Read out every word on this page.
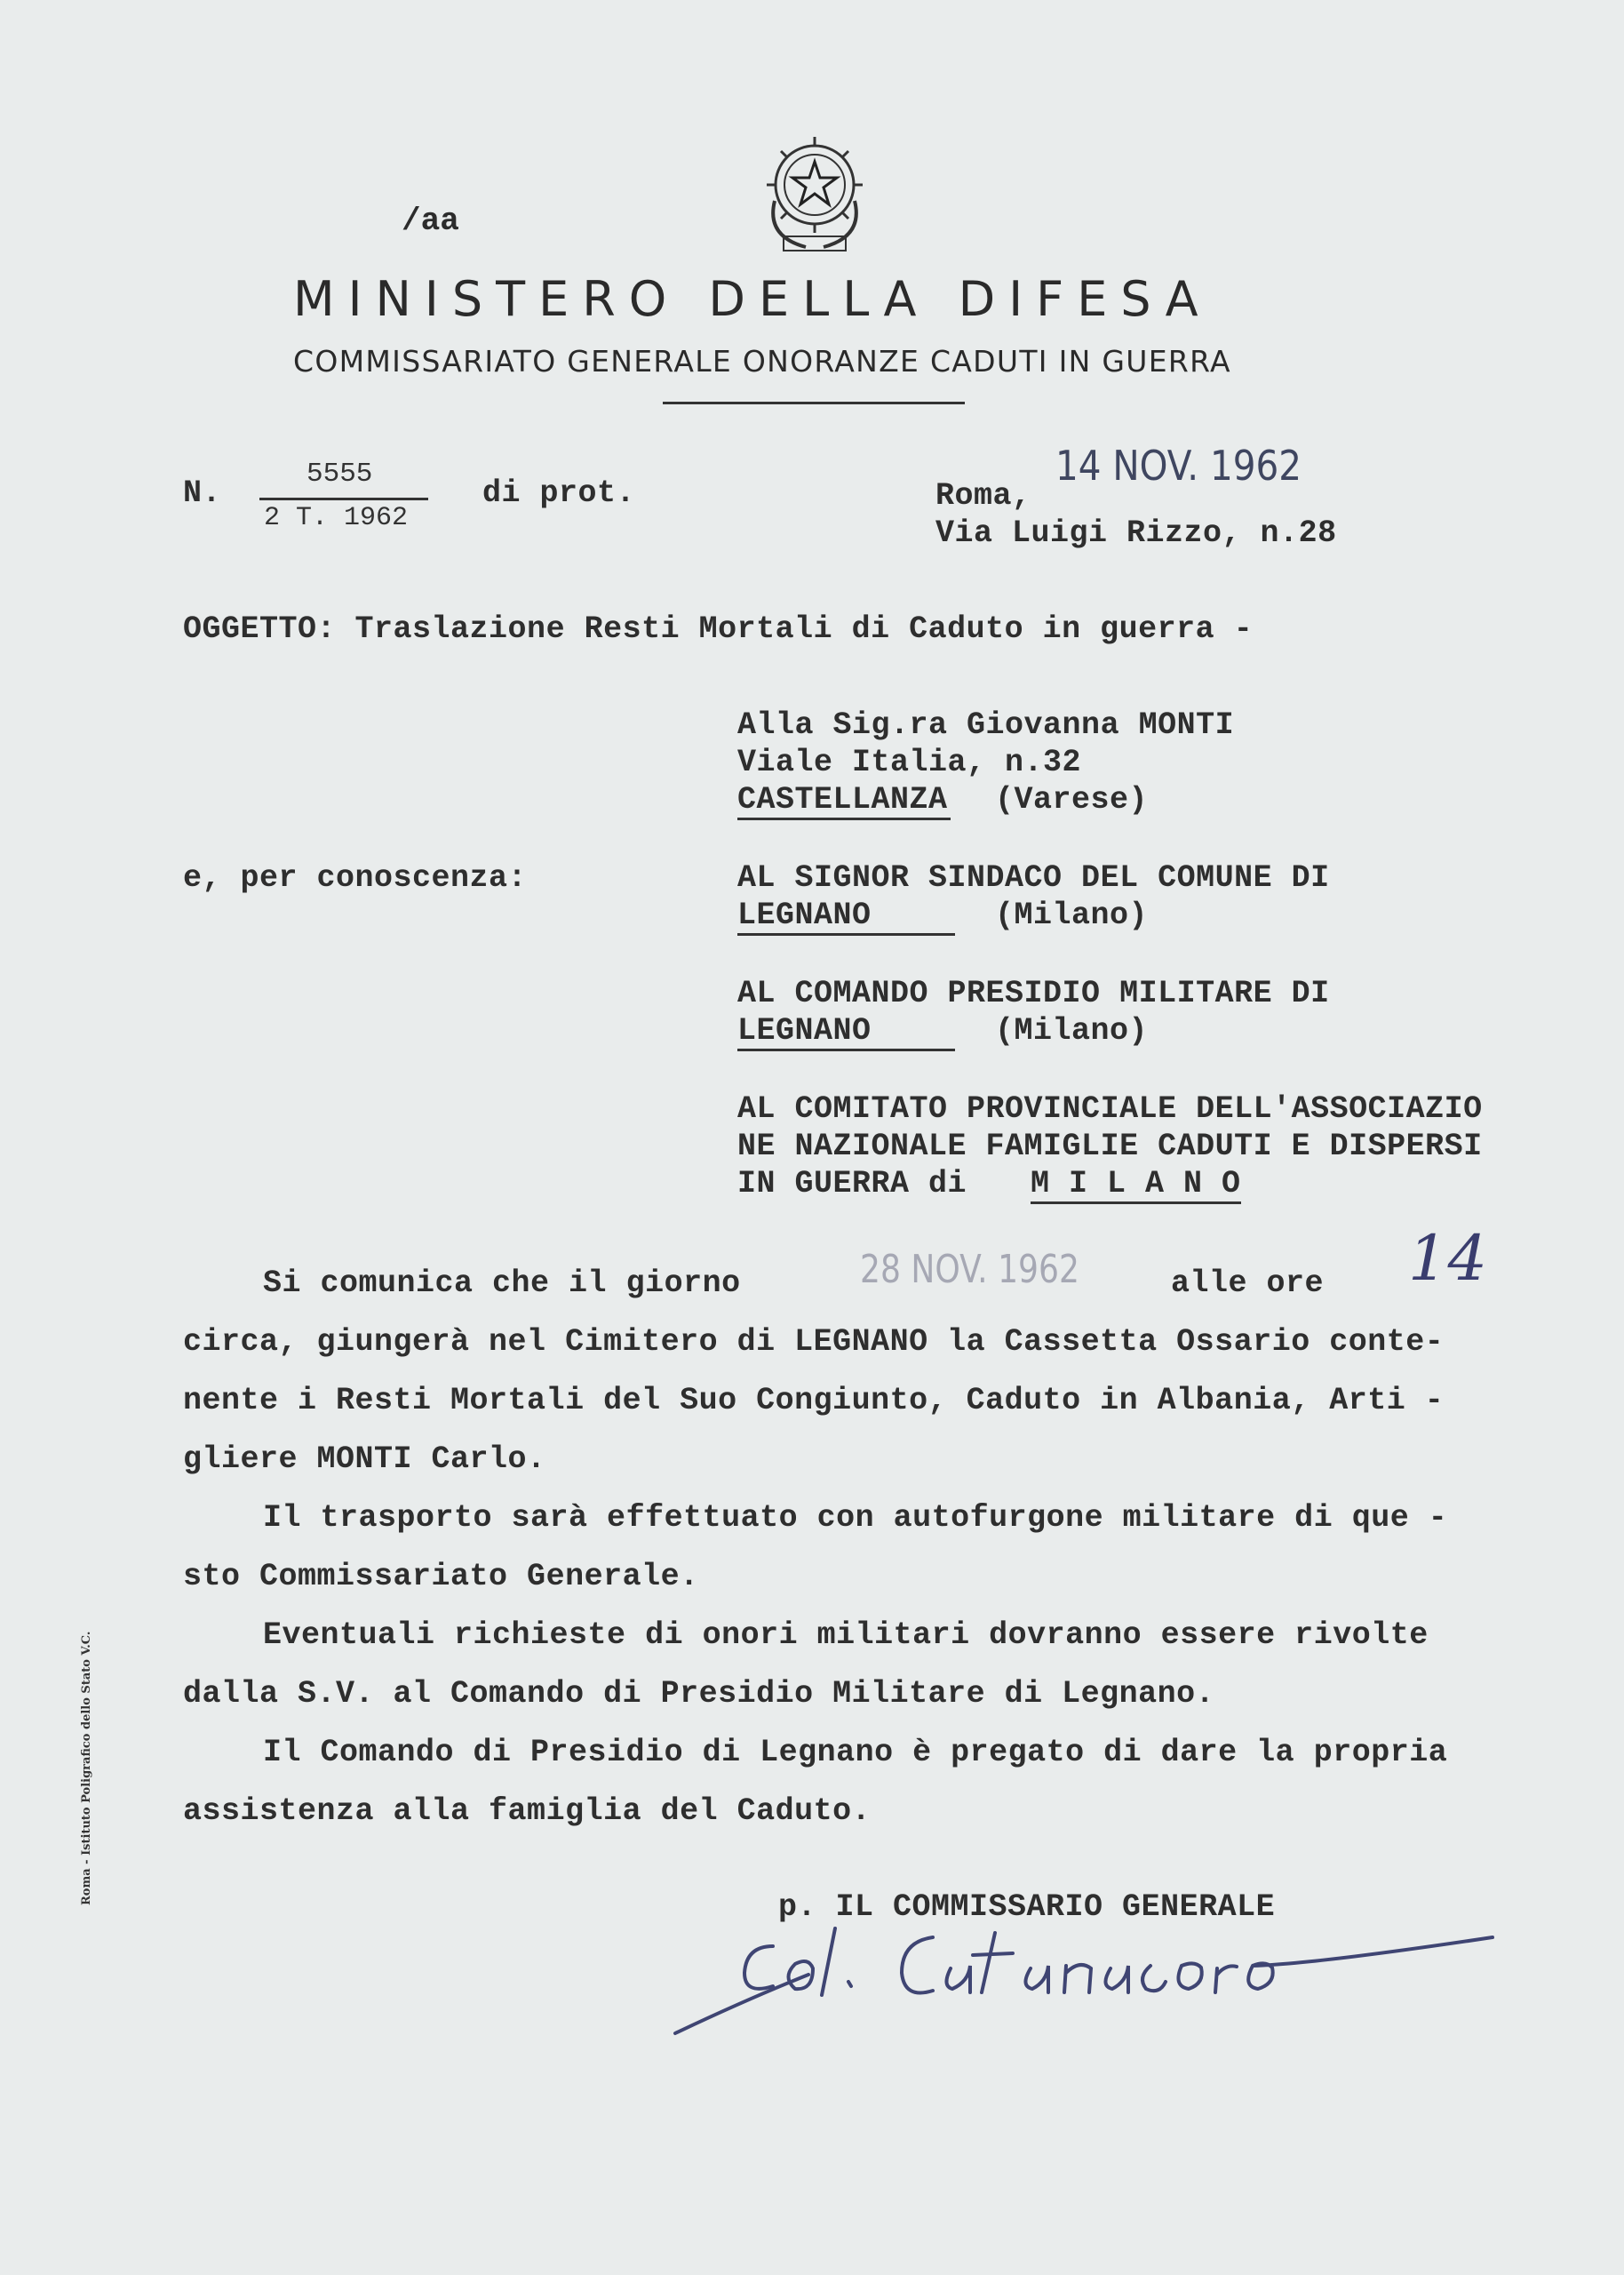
/aa
MINISTERO DELLA DIFESA
COMMISSARIATO GENERALE ONORANZE CADUTI IN GUERRA
N.
5555
2 T. 1962
di prot.	Roma,
14 NOV. 1962
Via Luigi Rizzo, n.28
OGGETTO: Traslazione Resti Mortali di Caduto in guerra -
Alla Sig.ra Giovanna MONTI
Viale Italia, n.32
CASTELLANZA (Varese)
e, per conoscenza:	AL SIGNOR SINDACO DEL COMUNE DI
LEGNANO	(Milano)
AL COMANDO PRESIDIO MILITARE DI
LEGNANO	(Milano)
AL COMITATO PROVINCIALE DELL'ASSOCIAZIO
NE NAZIONALE FAMIGLIE CADUTI E DISPERSI
IN GUERRA di M I L A N O
Si comunica che il giorno	28 NOV. 1962	alle ore 14
circa, giungerà nel Cimitero di LEGNANO la Cassetta Ossario conte-
nente i Resti Mortali del Suo Congiunto, Caduto in Albania, Arti -
gliere MONTI Carlo.
Il trasporto sarà effettuato con autofurgone militare di que -
sto Commissariato Generale.
Eventuali richieste di onori militari dovranno essere rivolte
dalla S.V. al Comando di Presidio Militare di Legnano.
Il Comando di Presidio di Legnano è pregato di dare la propria
assistenza alla famiglia del Caduto.
p. IL COMMISSARIO GENERALE
Roma - Istituto Poligrafico dello Stato V.C.
